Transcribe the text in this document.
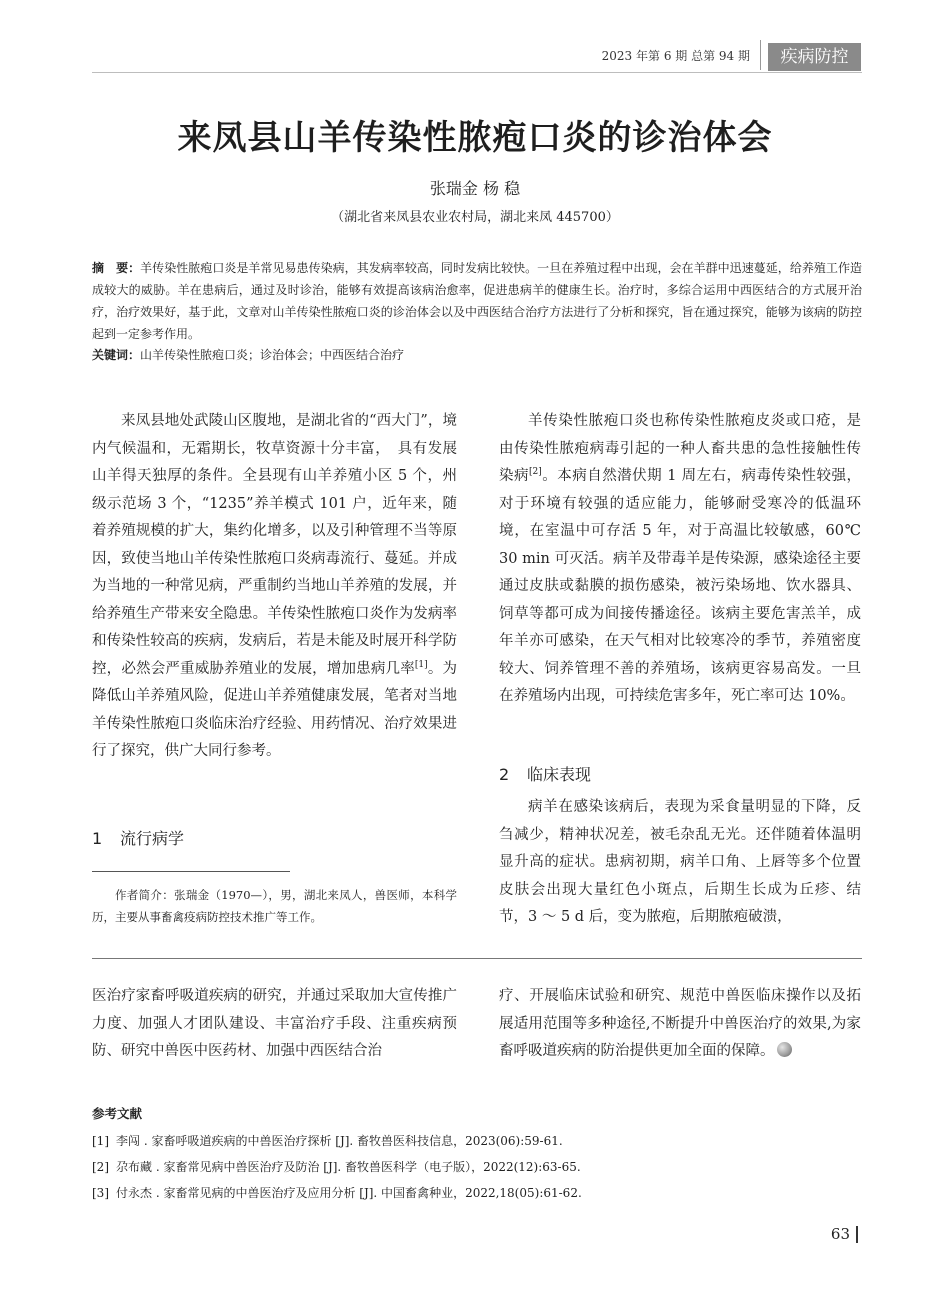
2023 年第 6 期 总第 94 期	疾病防控
来凤县山羊传染性脓疱口炎的诊治体会
张瑞金 杨 稳
（湖北省来凤县农业农村局，湖北来凤 445700）
摘　要：羊传染性脓疱口炎是羊常见易患传染病，其发病率较高，同时发病比较快。一旦在养殖过程中出现，会在羊群中迅速蔓延，给养殖工作造成较大的威胁。羊在患病后，通过及时诊治，能够有效提高该病治愈率，促进患病羊的健康生长。治疗时，多综合运用中西医结合的方式展开治疗，治疗效果好，基于此，文章对山羊传染性脓疱口炎的诊治体会以及中西医结合治疗方法进行了分析和探究，旨在通过探究，能够为该病的防控起到一定参考作用。
关键词：山羊传染性脓疱口炎；诊治体会；中西医结合治疗

来凤县地处武陵山区腹地，是湖北省的“西大门”，境内气候温和，无霜期长，牧草资源十分丰富，　具有发展山羊得天独厚的条件。全县现有山羊养殖小区 5 个，州级示范场 3 个，“1235”养羊模式 101 户，近年来，随着养殖规模的扩大，集约化增多，以及引种管理不当等原因，致使当地山羊传染性脓疱口炎病毒流行、蔓延。并成为当地的一种常见病，严重制约当地山羊养殖的发展，并给养殖生产带来安全隐患。羊传染性脓疱口炎作为发病率和传染性较高的疾病，发病后，若是未能及时展开科学防控，必然会严重威胁养殖业的发展，增加患病几率[1]。为降低山羊养殖风险，促进山羊养殖健康发展，笔者对当地羊传染性脓疱口炎临床治疗经验、用药情况、治疗效果进行了探究，供广大同行参考。

1 流行病学
作者简介：张瑞金（1970—），男，湖北来凤人，兽医师，本科学历，主要从事畜禽疫病防控技术推广等工作。

羊传染性脓疱口炎也称传染性脓疱皮炎或口疮，是由传染性脓疱病毒引起的一种人畜共患的急性接触性传染病[2]。本病自然潜伏期 1 周左右，病毒传染性较强，对于环境有较强的适应能力，能够耐受寒冷的低温环境，在室温中可存活 5 年，对于高温比较敏感，60℃ 30 min 可灭活。病羊及带毒羊是传染源，感染途径主要通过皮肤或黏膜的损伤感染，被污染场地、饮水器具、饲草等都可成为间接传播途径。该病主要危害羔羊，成年羊亦可感染，在天气相对比较寒冷的季节，养殖密度较大、饲养管理不善的养殖场，该病更容易高发。一旦在养殖场内出现，可持续危害多年，死亡率可达 10%。

2 临床表现

病羊在感染该病后，表现为采食量明显的下降，反刍减少，精神状况差，被毛杂乱无光。还伴随着体温明显升高的症状。患病初期，病羊口角、上唇等多个位置皮肤会出现大量红色小斑点，后期生长成为丘疹、结节，3 ～ 5 d 后，变为脓疱，后期脓疱破溃，

医治疗家畜呼吸道疾病的研究，并通过采取加大宣传推广力度、加强人才团队建设、丰富治疗手段、注重疾病预防、研究中兽医中医药材、加强中西医结合治
疗、开展临床试验和研究、规范中兽医临床操作以及拓展适用范围等多种途径,不断提升中兽医治疗的效果,为家畜呼吸道疾病的防治提供更加全面的保障。
参考文献
[1] 李闯 . 家畜呼吸道疾病的中兽医治疗探析 [J]. 畜牧兽医科技信息，2023(06):59-61.
[2] 尕布藏 . 家畜常见病中兽医治疗及防治 [J]. 畜牧兽医科学（电子版），2022(12):63-65.
[3] 付永杰 . 家畜常见病的中兽医治疗及应用分析 [J]. 中国畜禽种业，2022,18(05):61-62.
63
